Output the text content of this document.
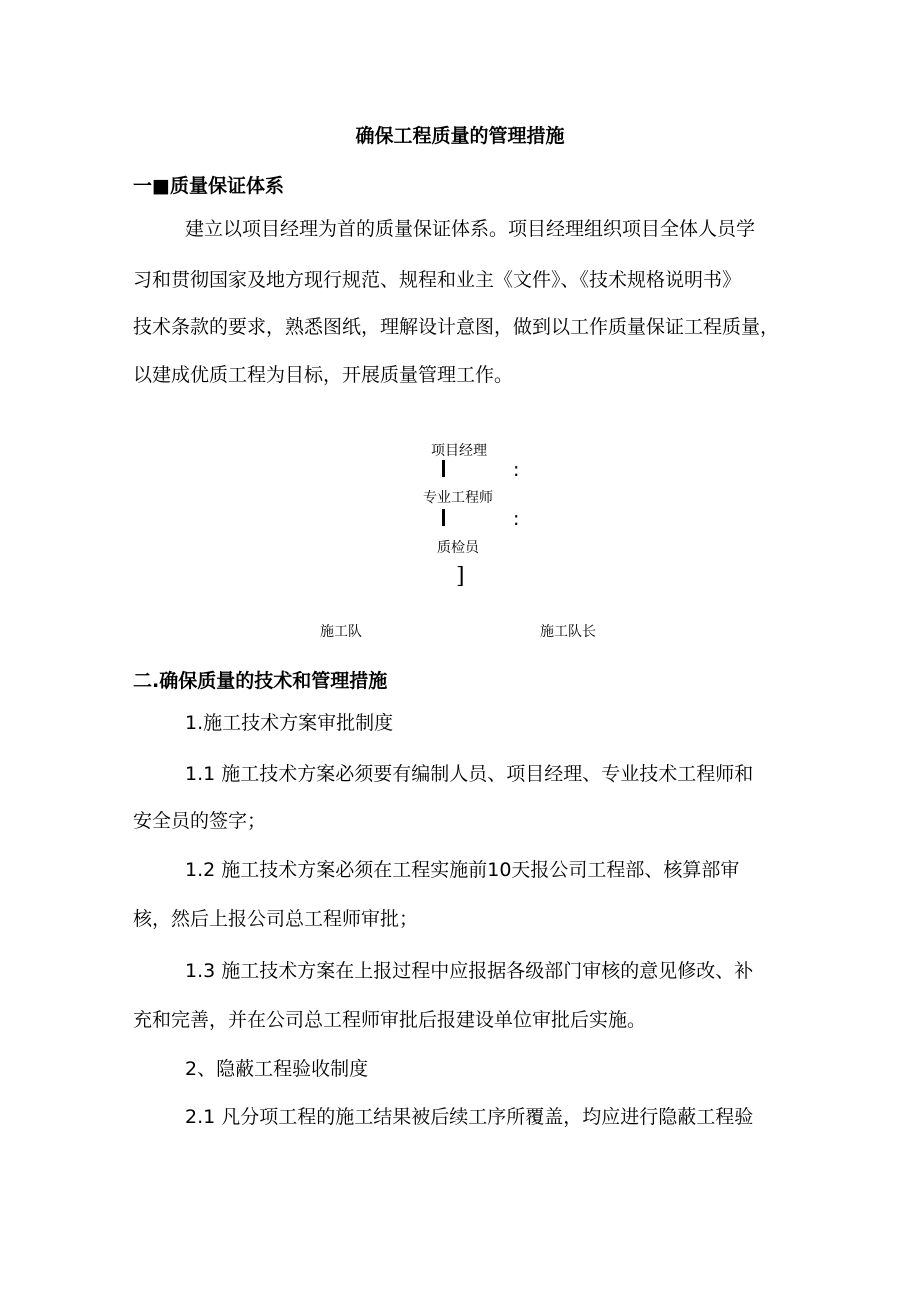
确保工程质量的管理措施
一■质量保证体系
建立以项目经理为首的质量保证体系。项目经理组织项目全体人员学
习和贯彻国家及地方现行规范、规程和业主《文件》、《技术规格说明书》
技术条款的要求，熟悉图纸，理解设计意图，做到以工作质量保证工程质量，
以建成优质工程为目标，开展质量管理工作。
项目经理
:
专业工程师
:
质检员
]
施工队	施工队长
二.确保质量的技术和管理措施
1.施工技术方案审批制度
1.1 施工技术方案必须要有编制人员、项目经理、专业技术工程师和
安全员的签字；
1.2 施工技术方案必须在工程实施前10天报公司工程部、核算部审
核，然后上报公司总工程师审批；
1.3 施工技术方案在上报过程中应报据各级部门审核的意见修改、补
充和完善，并在公司总工程师审批后报建设单位审批后实施。
2、隐蔽工程验收制度
2.1 凡分项工程的施工结果被后续工序所覆盖，均应进行隐蔽工程验
